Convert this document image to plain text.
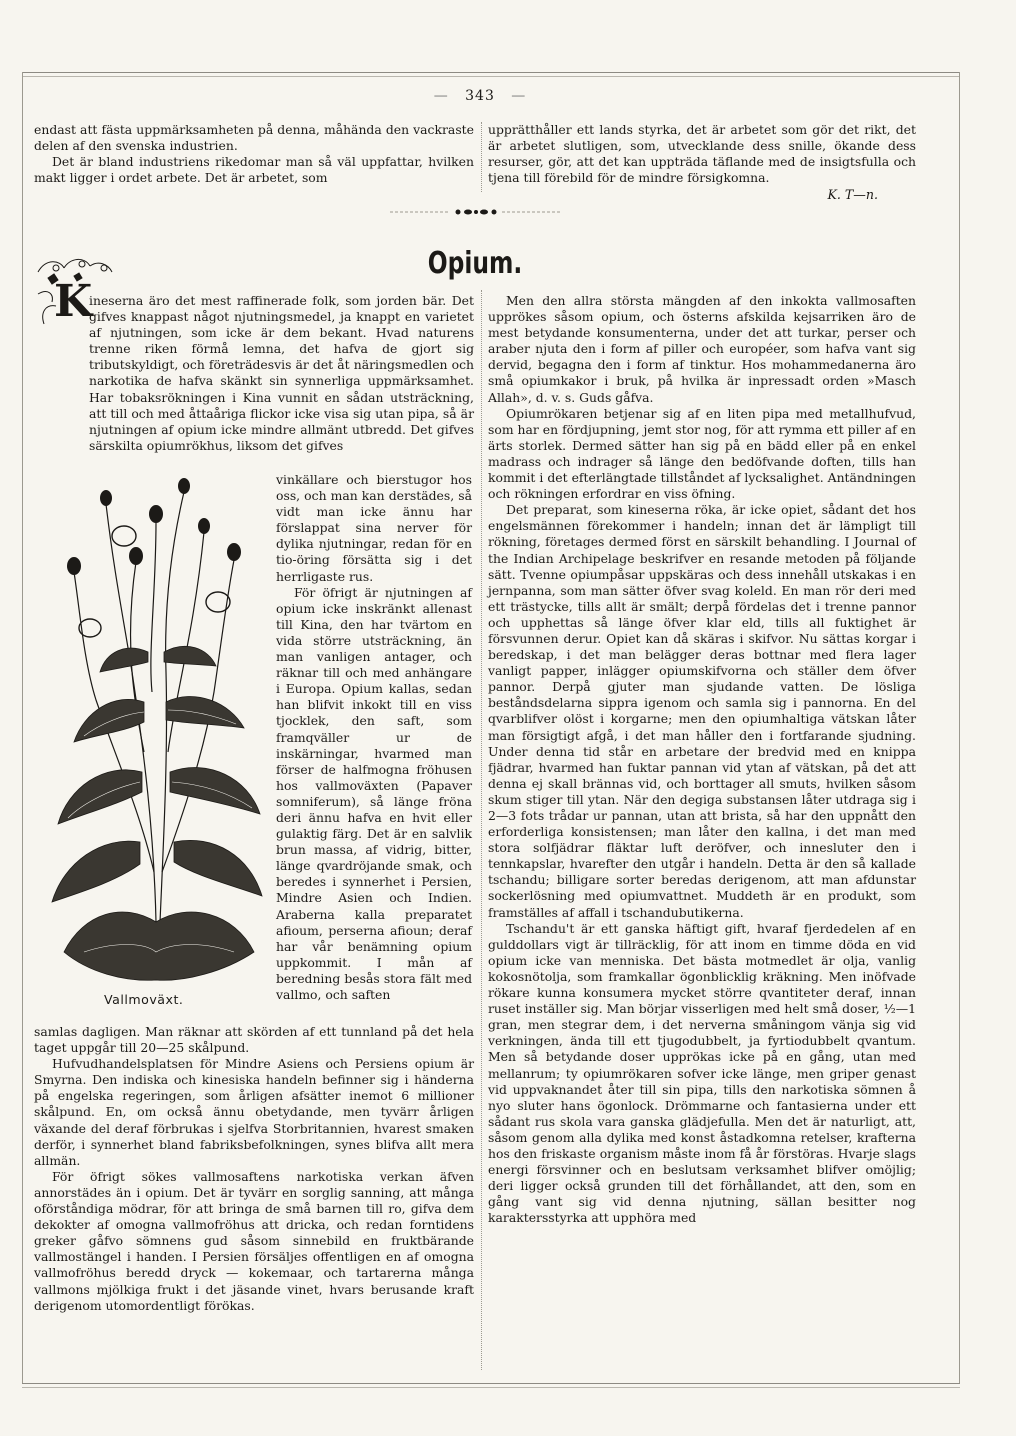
— 343 —

endast att fästa uppmärksamheten på denna, måhända den vackraste delen af den svenska industrien.

Det är bland industriens rikedomar man så väl uppfattar, hvilken makt ligger i ordet arbete. Det är arbetet, som

upprätthåller ett lands styrka, det är arbetet som gör det rikt, det är arbetet slutligen, som, utvecklande dess snille, ökande dess resurser, gör, att det kan uppträda täflande med de insigtsfulla och tjena till förebild för de mindre försigkomna.

K. T—n.
Opium.
K

ineserna äro det mest raffinerade folk, som jorden bär. Det gifves knappast något njutningsmedel, ja knappt en varietet af njutningen, som icke är dem bekant. Hvad naturens trenne riken förmå lemna, det hafva de gjort sig tributskyldigt, och företrädesvis är det åt näringsmedlen och narkotika de hafva skänkt sin synnerliga uppmärksamhet. Har tobaksrökningen i Kina vunnit en sådan utsträckning, att till och med åttaåriga flickor icke visa sig utan pipa, så är njutningen af opium icke mindre allmänt utbredd. Det gifves särskilta opiumrökhus, liksom det gifves

Vallmoväxt.

vinkällare och bierstugor hos oss, och man kan derstädes, så vidt man icke ännu har förslappat sina nerver för dylika njutningar, redan för en tio-öring försätta sig i det herrligaste rus.

För öfrigt är njutningen af opium icke inskränkt allenast till Kina, den har tvärtom en vida större utsträckning, än man vanligen antager, och räknar till och med anhängare i Europa. Opium kallas, sedan han blifvit inkokt till en viss tjocklek, den saft, som framqväller ur de inskärningar, hvarmed man förser de halfmogna fröhusen hos vallmoväxten (Papaver somniferum), så länge fröna deri ännu hafva en hvit eller gulaktig färg. Det är en salvlik brun massa, af vidrig, bitter, länge qvardröjande smak, och beredes i synnerhet i Persien, Mindre Asien och Indien. Araberna kalla preparatet afioum, perserna afioun; deraf har vår benämning opium uppkommit. I mån af beredning besås stora fält med vallmo, och saften

samlas dagligen. Man räknar att skörden af ett tunnland på det hela taget uppgår till 20—25 skålpund.

Hufvudhandelsplatsen för Mindre Asiens och Persiens opium är Smyrna. Den indiska och kinesiska handeln befinner sig i händerna på engelska regeringen, som årligen afsätter inemot 6 millioner skålpund. En, om också ännu obetydande, men tyvärr årligen växande del deraf förbrukas i sjelfva Storbritannien, hvarest smaken derför, i synnerhet bland fabriksbefolkningen, synes blifva allt mera allmän.

För öfrigt sökes vallmosaftens narkotiska verkan äfven annorstädes än i opium. Det är tyvärr en sorglig sanning, att många oförståndiga mödrar, för att bringa de små barnen till ro, gifva dem dekokter af omogna vallmofröhus att dricka, och redan forntidens greker gåfvo sömnens gud såsom sinnebild en fruktbärande vallmostängel i handen. I Persien försäljes offentligen en af omogna vallmofröhus beredd dryck — kokemaar, och tartarerna många vallmons mjölkiga frukt i det jäsande vinet, hvars berusande kraft derigenom utomordentligt förökas.

Men den allra största mängden af den inkokta vallmosaften upprökes såsom opium, och österns afskilda kejsarriken äro de mest betydande konsumenterna, under det att turkar, perser och araber njuta den i form af piller och européer, som hafva vant sig dervid, begagna den i form af tinktur. Hos mohammedanerna äro små opiumkakor i bruk, på hvilka är inpressadt orden »Masch Allah», d. v. s. Guds gåfva.

Opiumrökaren betjenar sig af en liten pipa med metallhufvud, som har en fördjupning, jemt stor nog, för att rymma ett piller af en ärts storlek. Dermed sätter han sig på en bädd eller på en enkel madrass och indrager så länge den bedöfvande doften, tills han kommit i det efterlängtade tillståndet af lycksalighet. Antändningen och rökningen erfordrar en viss öfning.

Det preparat, som kineserna röka, är icke opiet, sådant det hos engelsmännen förekommer i handeln; innan det är lämpligt till rökning, företages dermed först en särskilt behandling. I Journal of the Indian Archipelage beskrifver en resande metoden på följande sätt. Tvenne opiumpåsar uppskäras och dess innehåll utskakas i en jernpanna, som man sätter öfver svag koleld. En man rör deri med ett trästycke, tills allt är smält; derpå fördelas det i trenne pannor och upphettas så länge öfver klar eld, tills all fuktighet är försvunnen derur. Opiet kan då skäras i skifvor. Nu sättas korgar i beredskap, i det man belägger deras bottnar med flera lager vanligt papper, inlägger opiumskifvorna och ställer dem öfver pannor. Derpå gjuter man sjudande vatten. De lösliga beståndsdelarna sippra igenom och samla sig i pannorna. En del qvarblifver olöst i korgarne; men den opiumhaltiga vätskan låter man försigtigt afgå, i det man håller den i fortfarande sjudning. Under denna tid står en arbetare der bredvid med en knippa fjädrar, hvarmed han fuktar pannan vid ytan af vätskan, på det att denna ej skall brännas vid, och borttager all smuts, hvilken såsom skum stiger till ytan. När den degiga substansen låter utdraga sig i 2—3 fots trådar ur pannan, utan att brista, så har den uppnått den erforderliga konsistensen; man låter den kallna, i det man med stora solfjädrar fläktar luft deröfver, och innesluter den i tennkapslar, hvarefter den utgår i handeln. Detta är den så kallade tschandu; billigare sorter beredas derigenom, att man afdunstar sockerlösning med opiumvattnet. Muddeth är en produkt, som framställes af affall i tschandubutikerna.

Tschandu't är ett ganska häftigt gift, hvaraf fjerdedelen af en gulddollars vigt är tillräcklig, för att inom en timme döda en vid opium icke van menniska. Det bästa motmedlet är olja, vanlig kokosnötolja, som framkallar ögonblicklig kräkning. Men inöfvade rökare kunna konsumera mycket större qvantiteter deraf, innan ruset inställer sig. Man börjar visserligen med helt små doser, ½—1 gran, men stegrar dem, i det nerverna småningom vänja sig vid verkningen, ända till ett tjugodubbelt, ja fyrtiodubbelt qvantum. Men så betydande doser upprökas icke på en gång, utan med mellanrum; ty opiumrökaren sofver icke länge, men griper genast vid uppvaknandet åter till sin pipa, tills den narkotiska sömnen å nyo sluter hans ögonlock. Drömmarne och fantasierna under ett sådant rus skola vara ganska glädjefulla. Men det är naturligt, att, såsom genom alla dylika med konst åstadkomna retelser, krafterna hos den friskaste organism måste inom få år förstöras. Hvarje slags energi försvinner och en beslutsam verksamhet blifver omöjlig; deri ligger också grunden till det förhållandet, att den, som en gång vant sig vid denna njutning, sällan besitter nog karaktersstyrka att upphöra med
